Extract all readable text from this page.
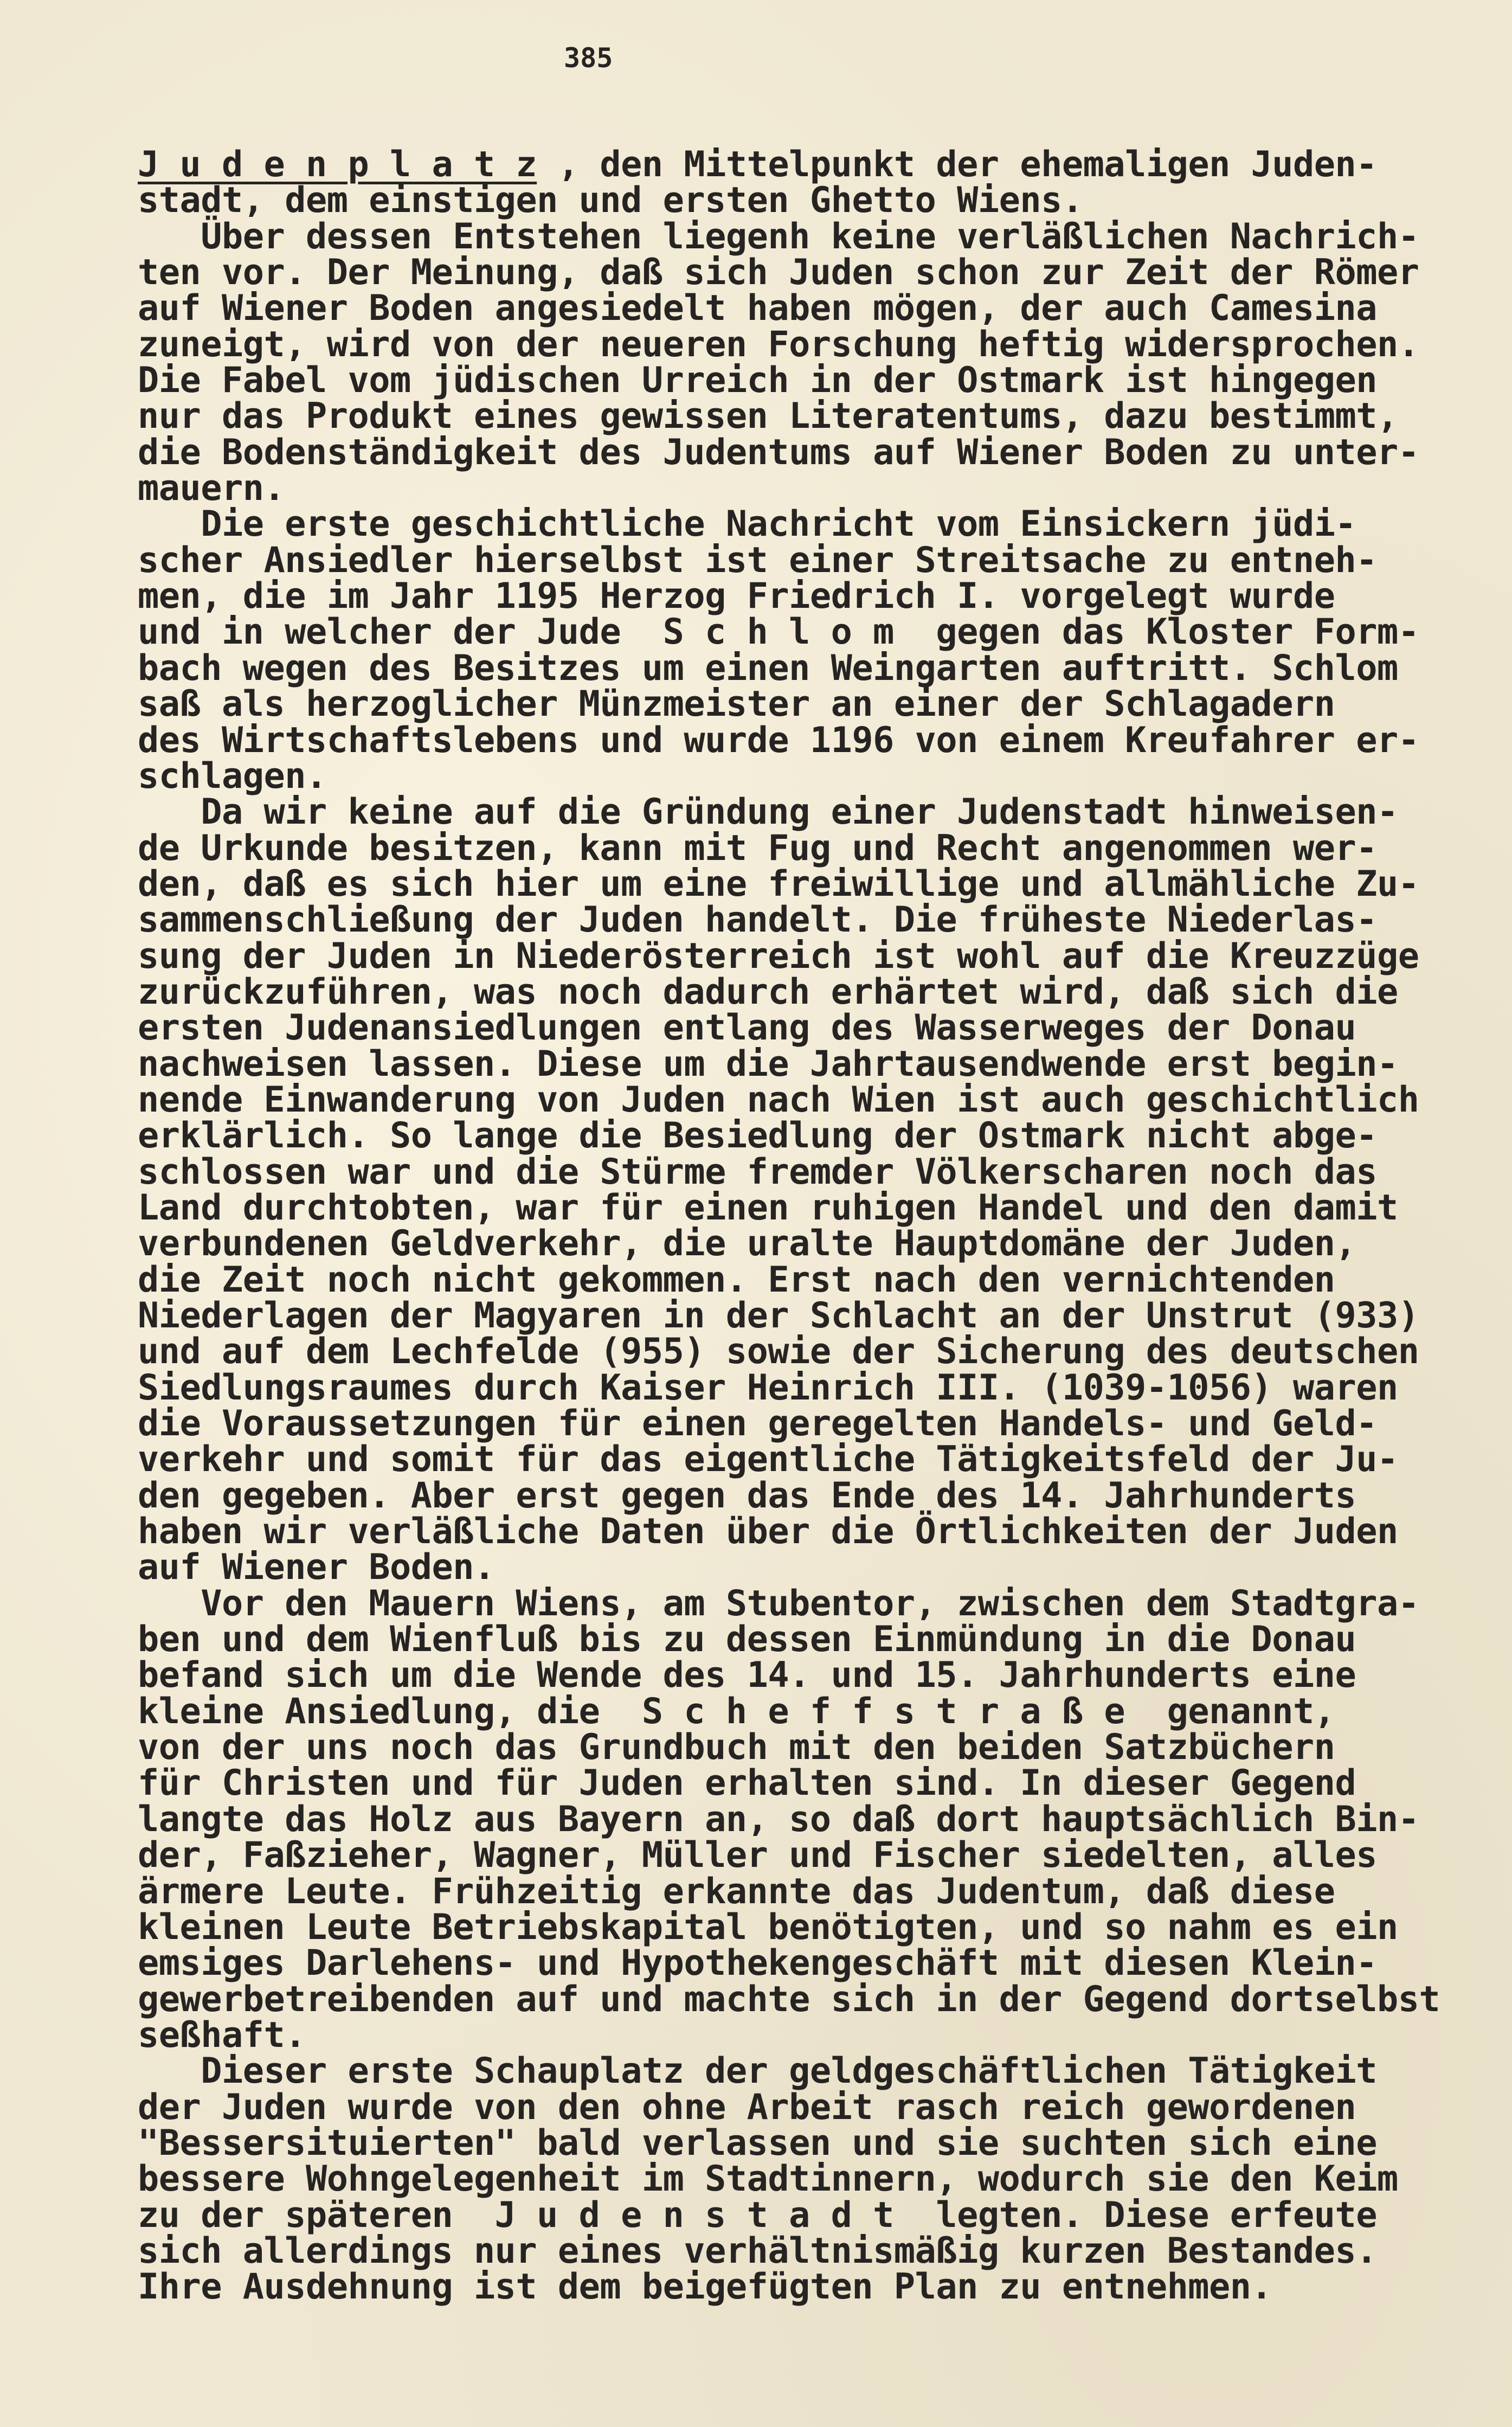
385
J u d e n p l a t z , den Mittelpunkt der ehemaligen Juden-
stadt, dem einstigen und ersten Ghetto Wiens.
Über dessen Entstehen liegenh keine verläßlichen Nachrich-
ten vor. Der Meinung, daß sich Juden schon zur Zeit der Römer
auf Wiener Boden angesiedelt haben mögen, der auch Camesina
zuneigt, wird von der neueren Forschung heftig widersprochen.
Die Fabel vom jüdischen Urreich in der Ostmark ist hingegen
nur das Produkt eines gewissen Literatentums, dazu bestimmt,
die Bodenständigkeit des Judentums auf Wiener Boden zu unter-
mauern.
Die erste geschichtliche Nachricht vom Einsickern jüdi-
scher Ansiedler hierselbst ist einer Streitsache zu entneh-
men, die im Jahr 1195 Herzog Friedrich I. vorgelegt wurde
und in welcher der Jude  S c h l o m  gegen das Kloster Form-
bach wegen des Besitzes um einen Weingarten auftritt. Schlom
saß als herzoglicher Münzmeister an einer der Schlagadern
des Wirtschaftslebens und wurde 1196 von einem Kreufahrer er-
schlagen.
Da wir keine auf die Gründung einer Judenstadt hinweisen-
de Urkunde besitzen, kann mit Fug und Recht angenommen wer-
den, daß es sich hier um eine freiwillige und allmähliche Zu-
sammenschließung der Juden handelt. Die früheste Niederlas-
sung der Juden in Niederösterreich ist wohl auf die Kreuzzüge
zurückzuführen, was noch dadurch erhärtet wird, daß sich die
ersten Judenansiedlungen entlang des Wasserweges der Donau
nachweisen lassen. Diese um die Jahrtausendwende erst begin-
nende Einwanderung von Juden nach Wien ist auch geschichtlich
erklärlich. So lange die Besiedlung der Ostmark nicht abge-
schlossen war und die Stürme fremder Völkerscharen noch das
Land durchtobten, war für einen ruhigen Handel und den damit
verbundenen Geldverkehr, die uralte Hauptdomäne der Juden,
die Zeit noch nicht gekommen. Erst nach den vernichtenden
Niederlagen der Magyaren in der Schlacht an der Unstrut (933)
und auf dem Lechfelde (955) sowie der Sicherung des deutschen
Siedlungsraumes durch Kaiser Heinrich III. (1039-1056) waren
die Voraussetzungen für einen geregelten Handels- und Geld-
verkehr und somit für das eigentliche Tätigkeitsfeld der Ju-
den gegeben. Aber erst gegen das Ende des 14. Jahrhunderts
haben wir verläßliche Daten über die Örtlichkeiten der Juden
auf Wiener Boden.
Vor den Mauern Wiens, am Stubentor, zwischen dem Stadtgra-
ben und dem Wienfluß bis zu dessen Einmündung in die Donau
befand sich um die Wende des 14. und 15. Jahrhunderts eine
kleine Ansiedlung, die  S c h e f f s t r a ß e  genannt,
von der uns noch das Grundbuch mit den beiden Satzbüchern
für Christen und für Juden erhalten sind. In dieser Gegend
langte das Holz aus Bayern an, so daß dort hauptsächlich Bin-
der, Faßzieher, Wagner, Müller und Fischer siedelten, alles
ärmere Leute. Frühzeitig erkannte das Judentum, daß diese
kleinen Leute Betriebskapital benötigten, und so nahm es ein
emsiges Darlehens- und Hypothekengeschäft mit diesen Klein-
gewerbetreibenden auf und machte sich in der Gegend dortselbst
seßhaft.
Dieser erste Schauplatz der geldgeschäftlichen Tätigkeit
der Juden wurde von den ohne Arbeit rasch reich gewordenen
"Bessersituierten" bald verlassen und sie suchten sich eine
bessere Wohngelegenheit im Stadtinnern, wodurch sie den Keim
zu der späteren  J u d e n s t a d t  legten. Diese erfeute
sich allerdings nur eines verhältnismäßig kurzen Bestandes.
Ihre Ausdehnung ist dem beigefügten Plan zu entnehmen.
